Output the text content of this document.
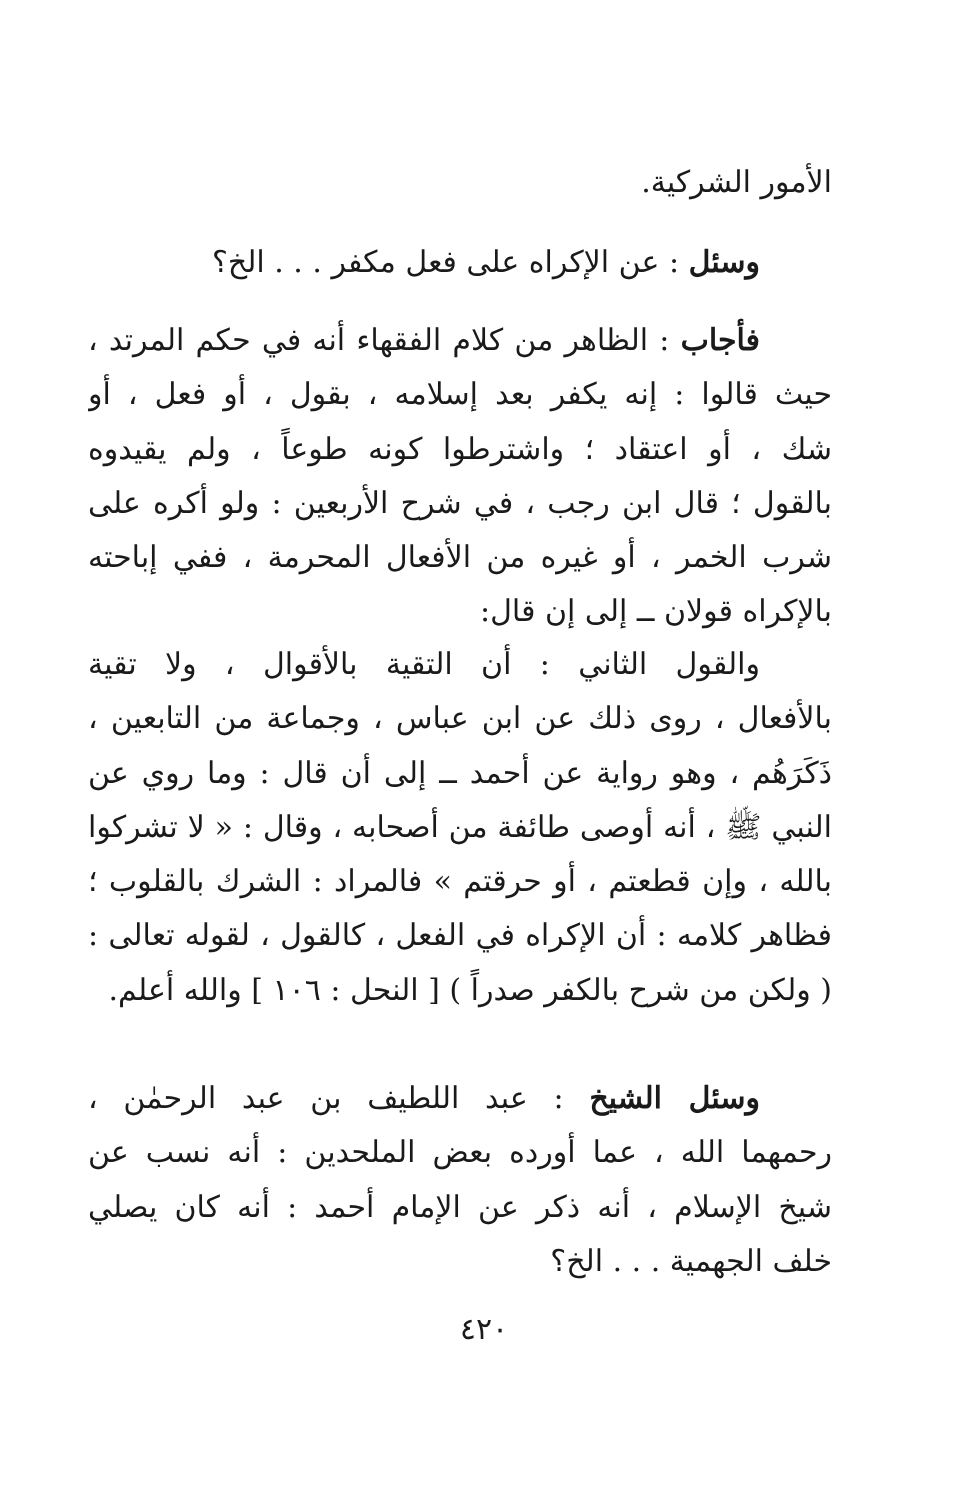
الأمور الشركية.
وسئل : عن الإكراه على فعل مكفر . . . الخ؟
فأجاب : الظاهر من كلام الفقهاء أنه في حكم المرتد ،
حيث قالوا : إنه يكفر بعد إسلامه ، بقول ، أو فعل ، أو
شك ، أو اعتقاد ؛ واشترطوا كونه طوعاً ، ولم يقيدوه
بالقول ؛ قال ابن رجب ، في شرح الأربعين : ولو أكره على
شرب الخمر ، أو غيره من الأفعال المحرمة ، ففي إباحته
بالإكراه قولان ــ إلى إن قال:
والقول الثاني : أن التقية بالأقوال ، ولا تقية
بالأفعال ، روى ذلك عن ابن عباس ، وجماعة من التابعين ،
ذَكَرَهُم ، وهو رواية عن أحمد ــ إلى أن قال : وما روي عن
النبي ﷺ ، أنه أوصى طائفة من أصحابه ، وقال : « لا تشركوا
بالله ، وإن قطعتم ، أو حرقتم » فالمراد : الشرك بالقلوب ؛
فظاهر كلامه : أن الإكراه في الفعل ، كالقول ، لقوله تعالى :
( ولكن من شرح بالكفر صدراً ) [ النحل : ١٠٦ ] والله أعلم.
وسئل الشيخ : عبد اللطيف بن عبد الرحمٰن ،
رحمهما الله ، عما أورده بعض الملحدين : أنه نسب عن
شيخ الإسلام ، أنه ذكر عن الإمام أحمد : أنه كان يصلي
خلف الجهمية . . . الخ؟
٤٢٠
